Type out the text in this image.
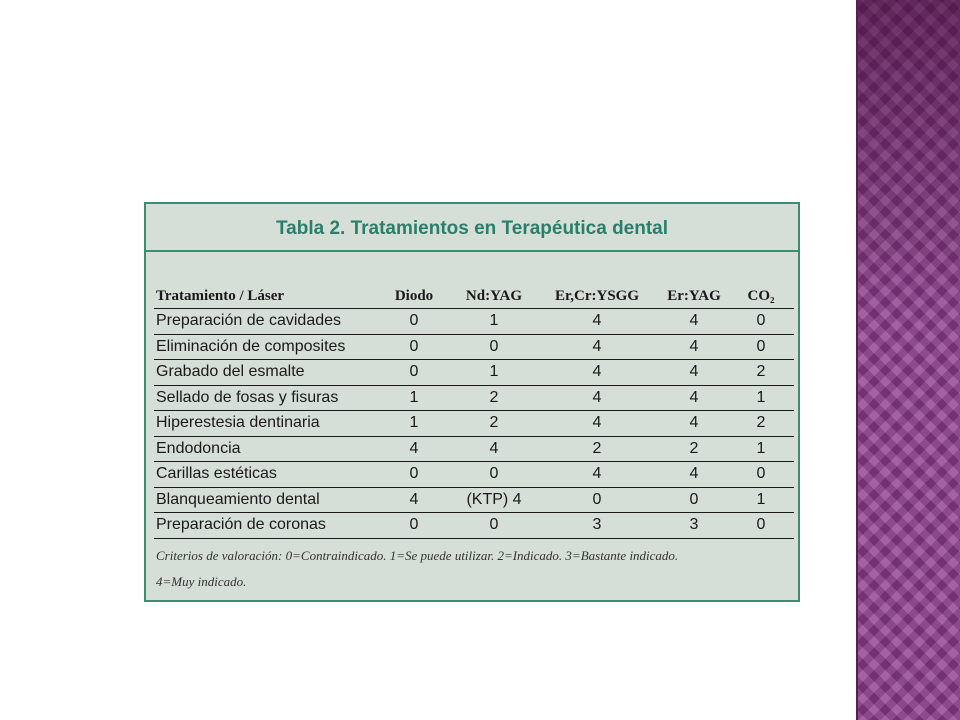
Tabla 2. Tratamientos en Terapéutica dental
Tratamiento / Láser	Diodo	Nd:YAG	Er,Cr:YSGG	Er:YAG	CO₂
Preparación de cavidades	0	1	4	4	0
Eliminación de composites	0	0	4	4	0
Grabado del esmalte	0	1	4	4	2
Sellado de fosas y fisuras	1	2	4	4	1
Hiperestesia dentinaria	1	2	4	4	2
Endodoncia	4	4	2	2	1
Carillas estéticas	0	0	4	4	0
Blanqueamiento dental	4	(KTP) 4	0	0	1
Preparación de coronas	0	0	3	3	0
Criterios de valoración: 0=Contraindicado. 1=Se puede utilizar. 2=Indicado. 3=Bastante indicado.
4=Muy indicado.
